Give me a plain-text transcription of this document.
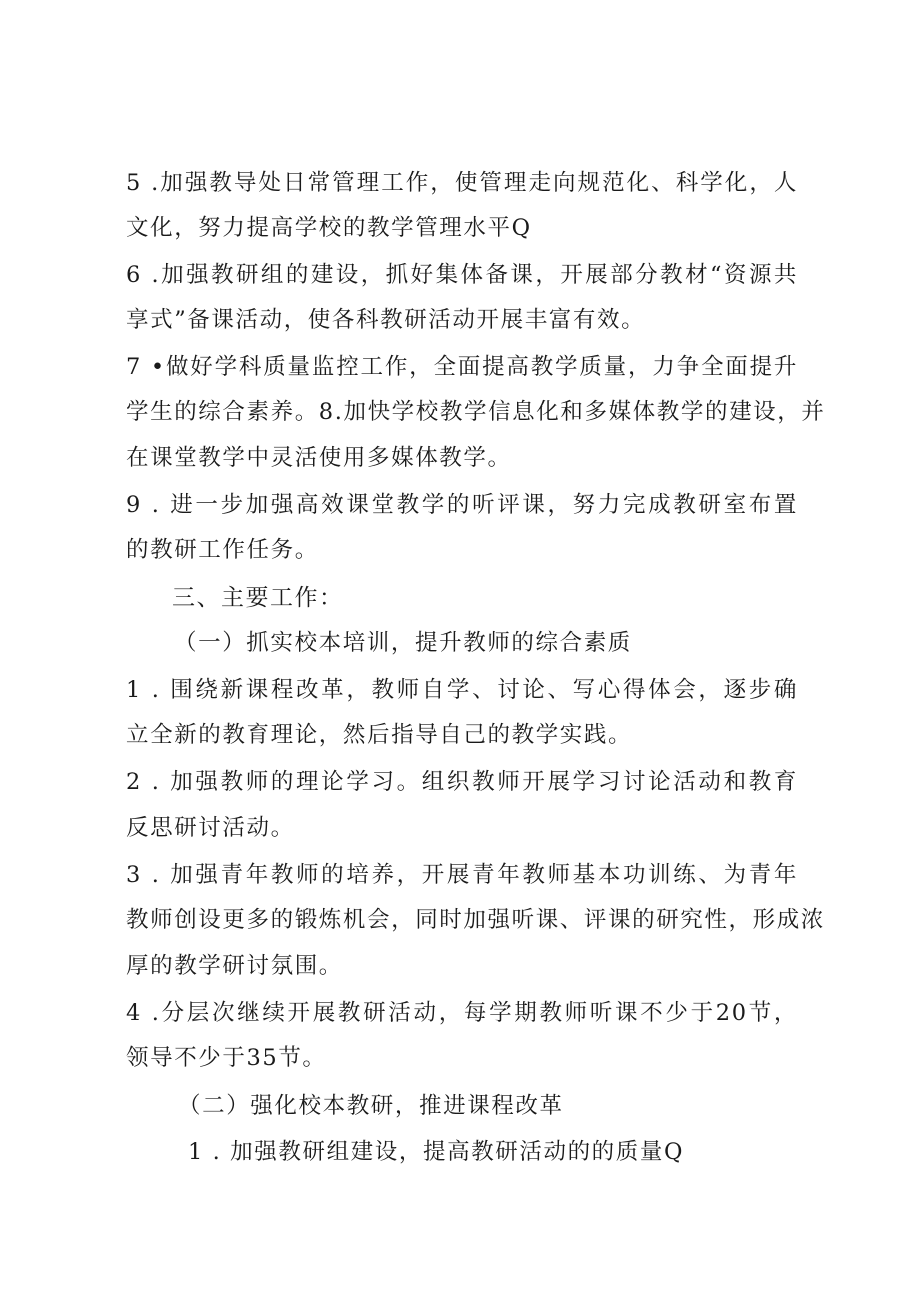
5 .加强教导处日常管理工作，使管理走向规范化、科学化，人
文化，努力提高学校的教学管理水平Q
6 .加强教研组的建设，抓好集体备课，开展部分教材“资源共
享式”备课活动，使各科教研活动开展丰富有效。
7 •做好学科质量监控工作，全面提高教学质量，力争全面提升
学生的综合素养。8.加快学校教学信息化和多媒体教学的建设，并
在课堂教学中灵活使用多媒体教学。
9 . 进一步加强高效课堂教学的听评课，努力完成教研室布置
的教研工作任务。
三、主要工作：
（一）抓实校本培训，提升教师的综合素质
1 . 围绕新课程改革，教师自学、讨论、写心得体会，逐步确
立全新的教育理论，然后指导自己的教学实践。
2 . 加强教师的理论学习。组织教师开展学习讨论活动和教育
反思研讨活动。
3 . 加强青年教师的培养，开展青年教师基本功训练、为青年
教师创设更多的锻炼机会，同时加强听课、评课的研究性，形成浓
厚的教学研讨氛围。
4 .分层次继续开展教研活动，每学期教师听课不少于20节，
领导不少于35节。
（二）强化校本教研，推进课程改革
1 . 加强教研组建设，提高教研活动的的质量Q
